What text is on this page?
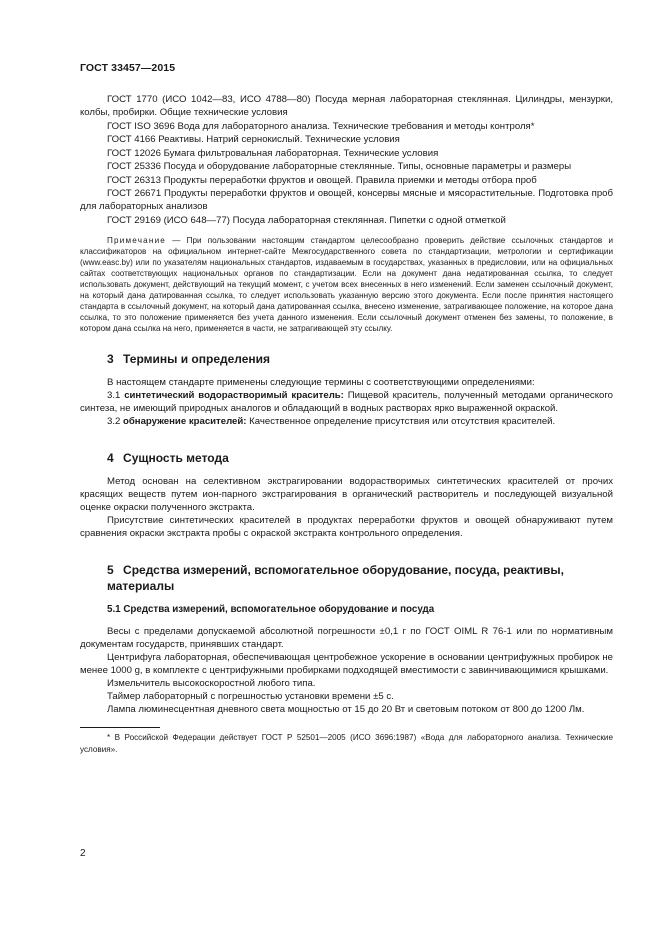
ГОСТ 33457—2015

ГОСТ 1770 (ИСО 1042—83, ИСО 4788—80) Посуда мерная лабораторная стеклянная. Цилиндры, мензурки, колбы, пробирки. Общие технические условия

ГОСТ ISO 3696 Вода для лабораторного анализа. Технические требования и методы контроля*

ГОСТ 4166 Реактивы. Натрий сернокислый. Технические условия

ГОСТ 12026 Бумага фильтровальная лабораторная. Технические условия

ГОСТ 25336 Посуда и оборудование лабораторные стеклянные. Типы, основные параметры и размеры

ГОСТ 26313 Продукты переработки фруктов и овощей. Правила приемки и методы отбора проб

ГОСТ 26671 Продукты переработки фруктов и овощей, консервы мясные и мясорастительные. Подготовка проб для лабораторных анализов

ГОСТ 29169 (ИСО 648—77) Посуда лабораторная стеклянная. Пипетки с одной отметкой

Примечание — При пользовании настоящим стандартом целесообразно проверить действие ссылочных стандартов и классификаторов на официальном интернет-сайте Межгосударственного совета по стандартизации, метрологии и сертификации (www.easc.by) или по указателям национальных стандартов, издаваемым в государствах, указанных в предисловии, или на официальных сайтах соответствующих национальных органов по стандартизации. Если на документ дана недатированная ссылка, то следует использовать документ, действующий на текущий момент, с учетом всех внесенных в него изменений. Если заменен ссылочный документ, на который дана датированная ссылка, то следует использовать указанную версию этого документа. Если после принятия настоящего стандарта в ссылочный документ, на который дана датированная ссылка, внесено изменение, затрагивающее положение, на которое дана ссылка, то это положение применяется без учета данного изменения. Если ссылочный документ отменен без замены, то положение, в котором дана ссылка на него, применяется в части, не затрагивающей эту ссылку.

3 Термины и определения

В настоящем стандарте применены следующие термины с соответствующими определениями:

3.1 синтетический водорастворимый краситель: Пищевой краситель, полученный методами органического синтеза, не имеющий природных аналогов и обладающий в водных растворах ярко выраженной окраской.

3.2 обнаружение красителей: Качественное определение присутствия или отсутствия красителей.

4 Сущность метода

Метод основан на селективном экстрагировании водорастворимых синтетических красителей от прочих красящих веществ путем ион-парного экстрагирования в органический растворитель и последующей визуальной оценке окраски полученного экстракта.

Присутствие синтетических красителей в продуктах переработки фруктов и овощей обнаруживают путем сравнения окраски экстракта пробы с окраской экстракта контрольного определения.

5 Средства измерений, вспомогательное оборудование, посуда, реактивы, материалы
5.1 Средства измерений, вспомогательное оборудование и посуда

Весы с пределами допускаемой абсолютной погрешности ±0,1 г по ГОСТ OIML R 76-1 или по нормативным документам государств, принявших стандарт.

Центрифуга лабораторная, обеспечивающая центробежное ускорение в основании центрифужных пробирок не менее 1000 g, в комплекте с центрифужными пробирками подходящей вместимости с завинчивающимися крышками.

Измельчитель высокоскоростной любого типа.

Таймер лабораторный с погрешностью установки времени ±5 с.

Лампа люминесцентная дневного света мощностью от 15 до 20 Вт и световым потоком от 800 до 1200 Лм.

* В Российской Федерации действует ГОСТ Р 52501—2005 (ИСО 3696:1987) «Вода для лабораторного анализа. Технические условия».

2
